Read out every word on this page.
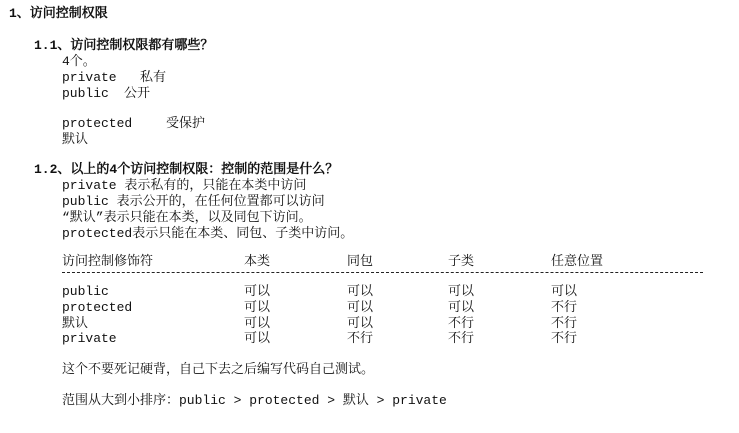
1、访问控制权限
1.1、访问控制权限都有哪些？
4个。
private 私有
public 公开
protected	受保护
默认
1.2、以上的4个访问控制权限：控制的范围是什么？
private 表示私有的，只能在本类中访问
public 表示公开的，在任何位置都可以访问
“默认”表示只能在本类，以及同包下访问。
protected表示只能在本类、同包、子类中访问。
访问控制修饰符	本类	同包	子类	任意位置
public	可以	可以	可以	可以
protected	可以	可以	可以	不行
默认	可以	可以	不行	不行
private	可以	不行	不行	不行
这个不要死记硬背，自己下去之后编写代码自己测试。
范围从大到小排序：public > protected > 默认 > private
